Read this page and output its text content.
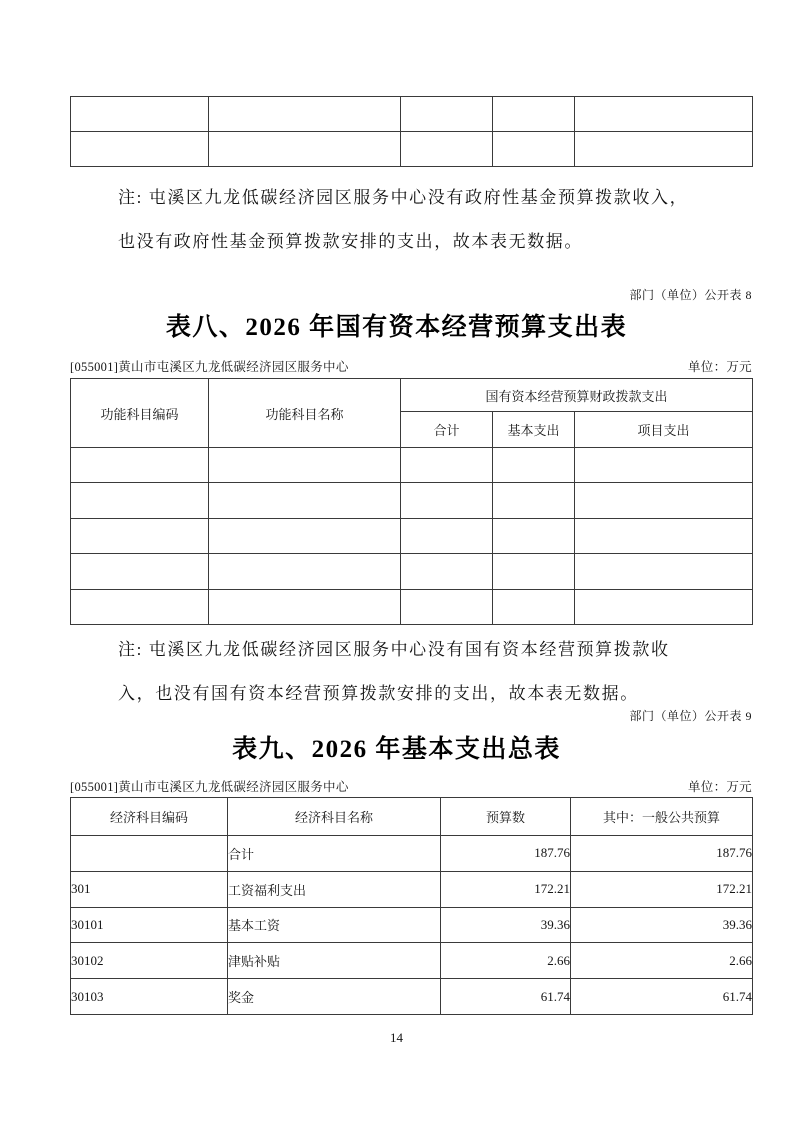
注: 屯溪区九龙低碳经济园区服务中心没有政府性基金预算拨款收入，
也没有政府性基金预算拨款安排的支出，故本表无数据。
部门（单位）公开表 8
表八、2026 年国有资本经营预算支出表
[055001]黄山市屯溪区九龙低碳经济园区服务中心	单位：万元
功能科目编码	功能科目名称	国有资本经营预算财政拨款支出		
		合计	基本支出	项目支出

注: 屯溪区九龙低碳经济园区服务中心没有国有资本经营预算拨款收
入，也没有国有资本经营预算拨款安排的支出，故本表无数据。
部门（单位）公开表 9
表九、2026 年基本支出总表
[055001]黄山市屯溪区九龙低碳经济园区服务中心	单位：万元
经济科目编码	经济科目名称	预算数	其中：一般公共预算
	合计	187.76	187.76
301	工资福利支出	172.21	172.21
30101	基本工资	39.36	39.36
30102	津贴补贴	2.66	2.66
30103	奖金	61.74	61.74
14
